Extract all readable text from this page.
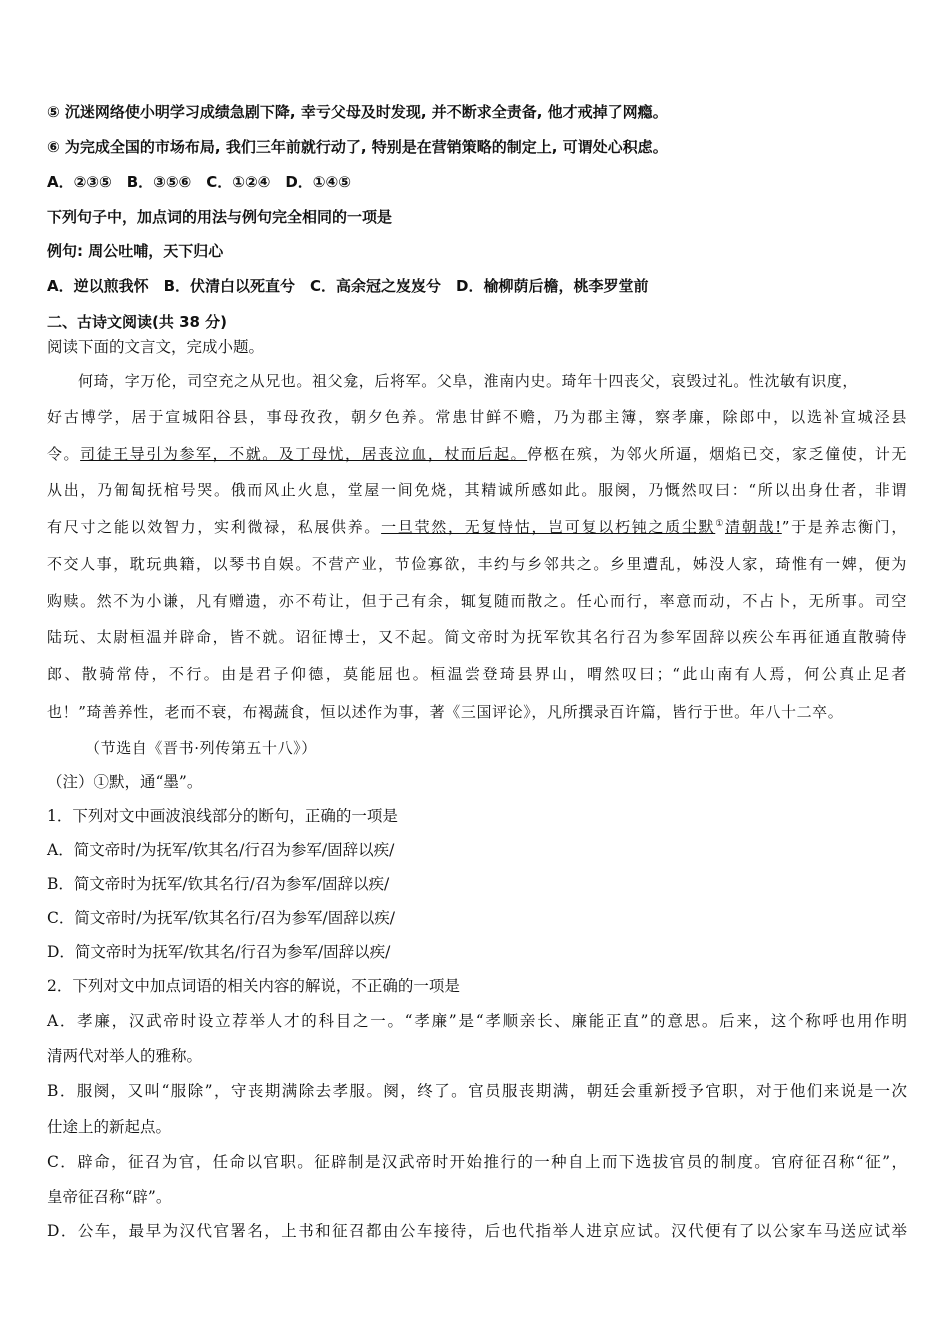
⑤ 沉迷网络使小明学习成绩急剧下降, 幸亏父母及时发现, 并不断求全责备, 他才戒掉了网瘾。
⑥ 为完成全国的市场布局, 我们三年前就行动了, 特别是在营销策略的制定上, 可谓处心积虑。
A．②③⑤　B．③⑤⑥　C．①②④　D．①④⑤
下列句子中，加点词的用法与例句完全相同的一项是
例句: 周公吐哺，天下归心
A．逆以煎我怀　B．伏清白以死直兮　C．高余冠之岌岌兮　D．榆柳荫后檐，桃李罗堂前
二、古诗文阅读(共 38 分)
阅读下面的文言文，完成小题。
何琦，字万伦，司空充之从兄也。祖父龛，后将军。父阜，淮南内史。琦年十四丧父，哀毁过礼。性沈敏有识度，
好古博学，居于宣城阳谷县，事母孜孜，朝夕色养。常患甘鲜不赡，乃为郡主簿，察孝廉，除郎中，以选补宣城泾县
令。司徒王导引为参军，不就。及丁母忧，居丧泣血，杖而后起。停柩在殡，为邻火所逼，烟焰已交，家乏僮使，计无
从出，乃匍匐抚棺号哭。俄而风止火息，堂屋一间免烧，其精诚所感如此。服阕，乃慨然叹曰：“所以出身仕者，非谓
有尺寸之能以效智力，实利微禄，私展供养。一旦茕然，无复恃怙，岂可复以朽钝之质尘默①清朝哉!”于是养志衡门，
不交人事，耽玩典籍，以琴书自娱。不营产业，节俭寡欲，丰约与乡邻共之。乡里遭乱，姊没人家，琦惟有一婢，便为
购赎。然不为小谦，凡有赠遗，亦不苟让，但于己有余，辄复随而散之。任心而行，率意而动，不占卜，无所事。司空
陆玩、太尉桓温并辟命，皆不就。诏征博士，又不起。简文帝时为抚军钦其名行召为参军固辞以疾公车再征通直散骑侍
郎、散骑常侍，不行。由是君子仰德，莫能屈也。桓温尝登琦县界山，喟然叹曰；“此山南有人焉，何公真止足者
也！”琦善养性，老而不衰，布褐蔬食，恒以述作为事，著《三国评论》，凡所撰录百许篇，皆行于世。年八十二卒。
（节选自《晋书·列传第五十八》）
（注）①默，通“墨”。
1．下列对文中画波浪线部分的断句，正确的一项是
A．简文帝时/为抚军/钦其名/行召为参军/固辞以疾/
B．简文帝时为抚军/钦其名行/召为参军/固辞以疾/
C．简文帝时/为抚军/钦其名行/召为参军/固辞以疾/
D．简文帝时为抚军/钦其名/行召为参军/固辞以疾/
2．下列对文中加点词语的相关内容的解说，不正确的一项是
A．孝廉，汉武帝时设立荐举人才的科目之一。“孝廉”是“孝顺亲长、廉能正直”的意思。后来，这个称呼也用作明
清两代对举人的雅称。
B．服阕，又叫“服除”，守丧期满除去孝服。阕，终了。官员服丧期满，朝廷会重新授予官职，对于他们来说是一次
仕途上的新起点。
C．辟命，征召为官，任命以官职。征辟制是汉武帝时开始推行的一种自上而下选拔官员的制度。官府征召称“征”，
皇帝征召称“辟”。
D．公车，最早为汉代官署名，上书和征召都由公车接待，后也代指举人进京应试。汉代便有了以公家车马送应试举
